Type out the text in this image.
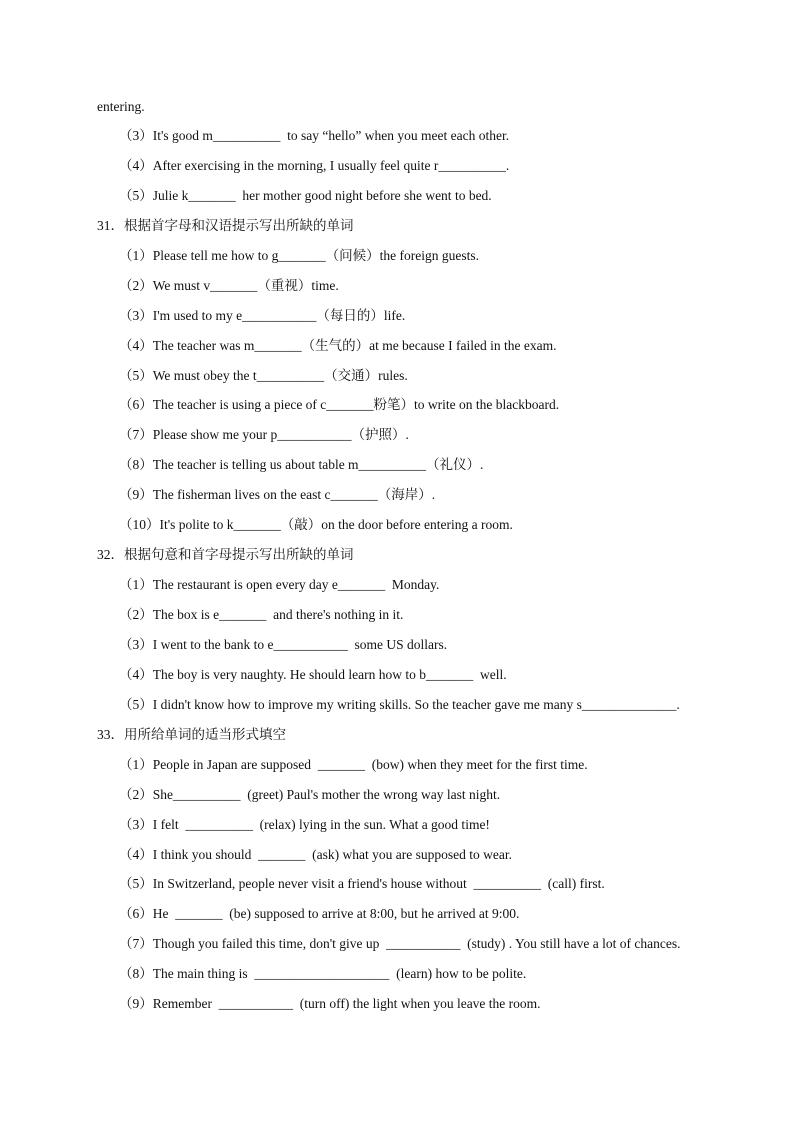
entering.
（3）It's good m__________  to say “hello” when you meet each other.
（4）After exercising in the morning, I usually feel quite r__________.
（5）Julie k_______  her mother good night before she went to bed.
31．根据首字母和汉语提示写出所缺的单词
（1）Please tell me how to g_______（问候）the foreign guests.
（2）We must v_______（重视）time.
（3）I'm used to my e___________（每日的）life.
（4）The teacher was m_______（生气的）at me because I failed in the exam.
（5）We must obey the t__________（交通）rules.
（6）The teacher is using a piece of c_______粉笔）to write on the blackboard.
（7）Please show me your p___________（护照）.
（8）The teacher is telling us about table m__________（礼仪）.
（9）The fisherman lives on the east c_______（海岸）.
（10）It's polite to k_______（敲）on the door before entering a room.
32．根据句意和首字母提示写出所缺的单词
（1）The restaurant is open every day e_______  Monday.
（2）The box is e_______  and there's nothing in it.
（3）I went to the bank to e___________  some US dollars.
（4）The boy is very naughty. He should learn how to b_______  well.
（5）I didn't know how to improve my writing skills. So the teacher gave me many s______________.
33．用所给单词的适当形式填空
（1）People in Japan are supposed  _______  (bow) when they meet for the first time.
（2）She__________  (greet) Paul's mother the wrong way last night.
（3）I felt  __________  (relax) lying in the sun. What a good time!
（4）I think you should  _______  (ask) what you are supposed to wear.
（5）In Switzerland, people never visit a friend's house without  __________  (call) first.
（6）He  _______  (be) supposed to arrive at 8:00, but he arrived at 9:00.
（7）Though you failed this time, don't give up  ___________  (study) . You still have a lot of chances.
（8）The main thing is  ____________________  (learn) how to be polite.
（9）Remember  ___________  (turn off) the light when you leave the room.
